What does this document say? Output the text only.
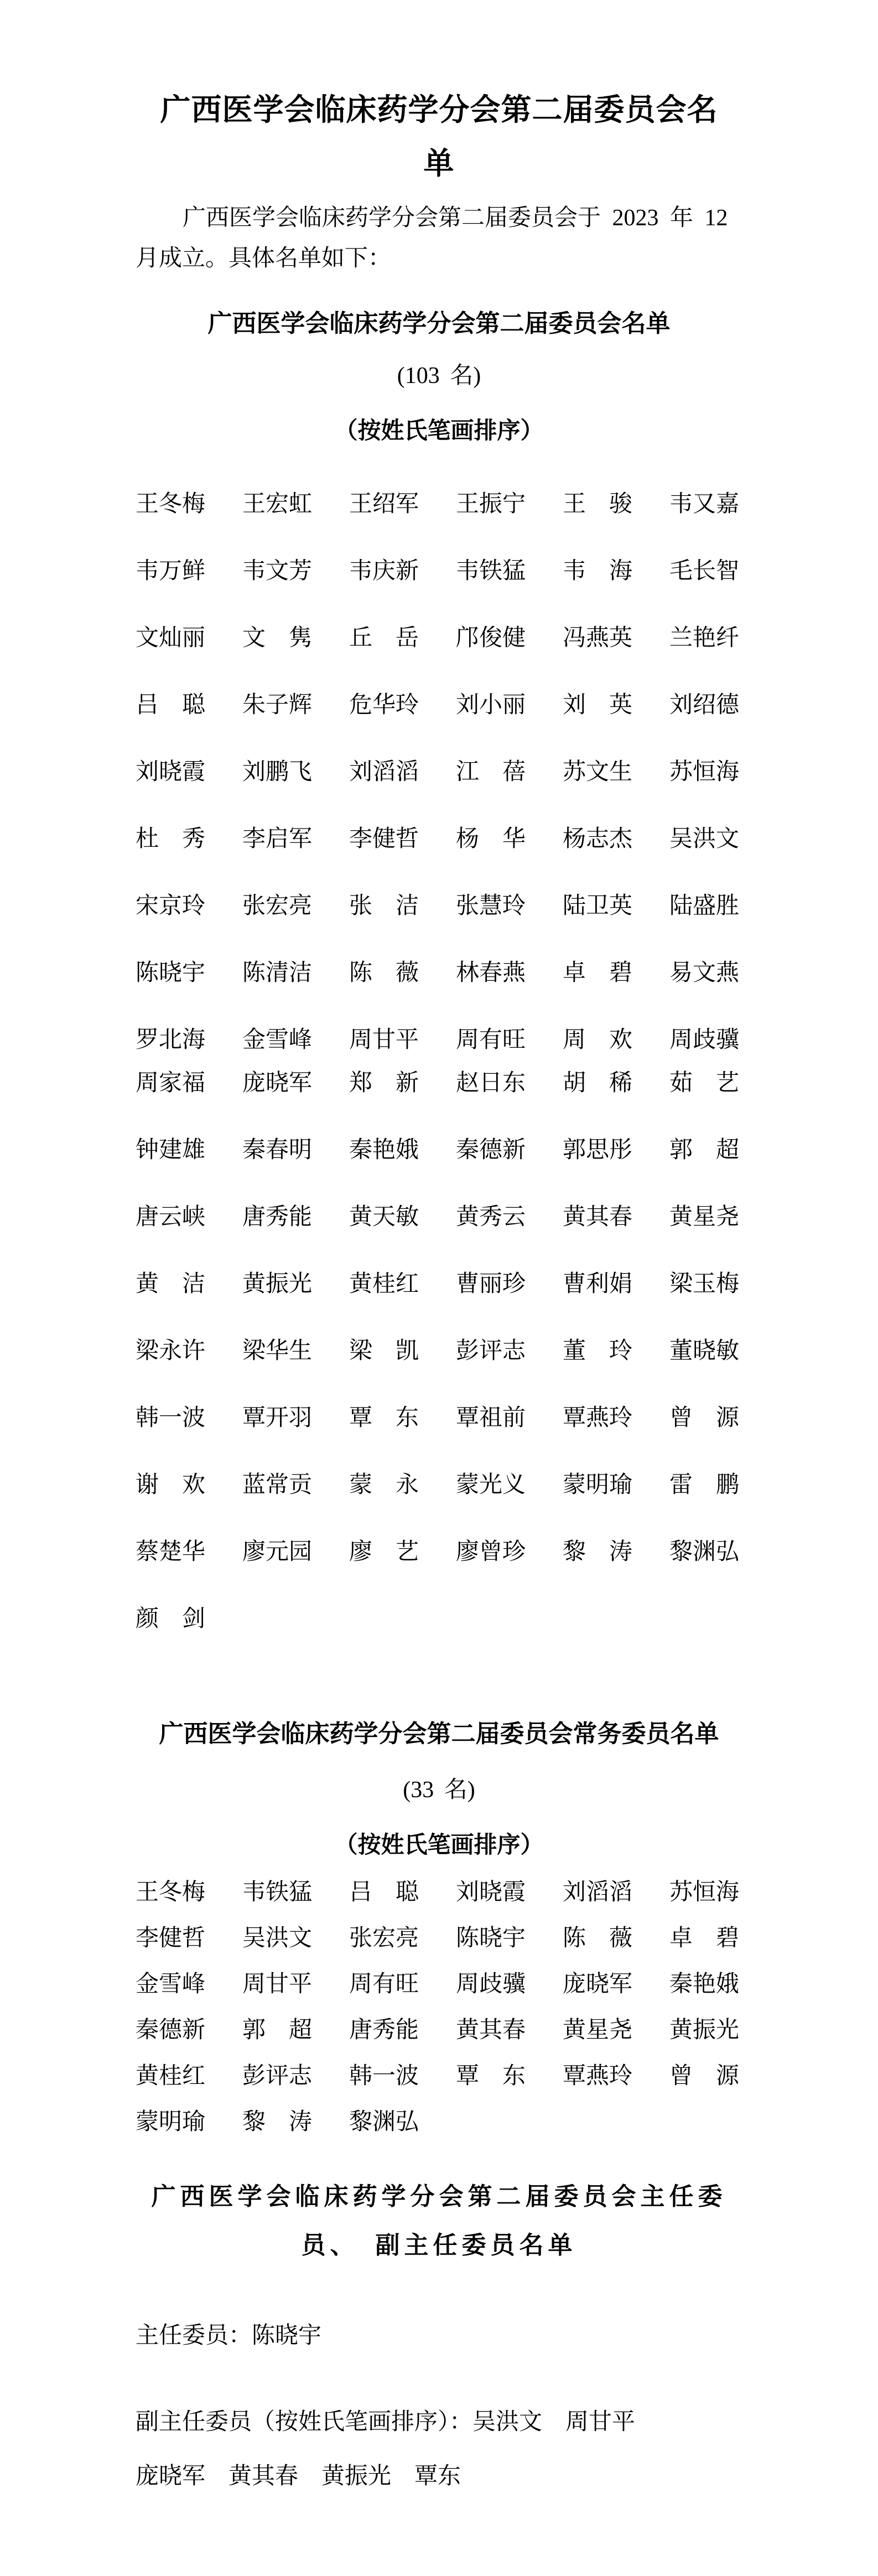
广西医学会临床药学分会第二届委员会名
单
广西医学会临床药学分会第二届委员会于 2023 年 12
月成立。具体名单如下：
广西医学会临床药学分会第二届委员会名单
(103 名)
（按姓氏笔画排序）
王冬梅	王宏虹	王绍军	王振宁	王　骏	韦又嘉
韦万鲜	韦文芳	韦庆新	韦铁猛	韦　海	毛长智
文灿丽	文　隽	丘　岳	邝俊健	冯燕英	兰艳纤
吕　聪	朱子辉	危华玲	刘小丽	刘　英	刘绍德
刘晓霞	刘鹏飞	刘滔滔	江　蓓	苏文生	苏恒海
杜　秀	李启军	李健哲	杨　华	杨志杰	吴洪文
宋京玲	张宏亮	张　洁	张慧玲	陆卫英	陆盛胜
陈晓宇	陈清洁	陈　薇	林春燕	卓　碧	易文燕
罗北海	金雪峰	周甘平	周有旺	周　欢	周歧骥
周家福	庞晓军	郑　新	赵日东	胡　稀	茹　艺
钟建雄	秦春明	秦艳娥	秦德新	郭思彤	郭　超
唐云峡	唐秀能	黄天敏	黄秀云	黄其春	黄星尧
黄　洁	黄振光	黄桂红	曹丽珍	曹利娟	梁玉梅
梁永许	梁华生	梁　凯	彭评志	董　玲	董晓敏
韩一波	覃开羽	覃　东	覃祖前	覃燕玲	曾　源
谢　欢	蓝常贡	蒙　永	蒙光义	蒙明瑜	雷　鹏
蔡楚华	廖元园	廖　艺	廖曾珍	黎　涛	黎渊弘
颜　剑
广西医学会临床药学分会第二届委员会常务委员名单
(33 名)
（按姓氏笔画排序）
王冬梅	韦铁猛	吕　聪	刘晓霞	刘滔滔	苏恒海
李健哲	吴洪文	张宏亮	陈晓宇	陈　薇	卓　碧
金雪峰	周甘平	周有旺	周歧骥	庞晓军	秦艳娥
秦德新	郭　超	唐秀能	黄其春	黄星尧	黄振光
黄桂红	彭评志	韩一波	覃　东	覃燕玲	曾　源
蒙明瑜	黎　涛	黎渊弘
广西医学会临床药学分会第二届委员会主任委
员、　副主任委员名单
主任委员：陈晓宇
副主任委员（按姓氏笔画排序）：吴洪文　周甘平
庞晓军　黄其春　黄振光　覃东
